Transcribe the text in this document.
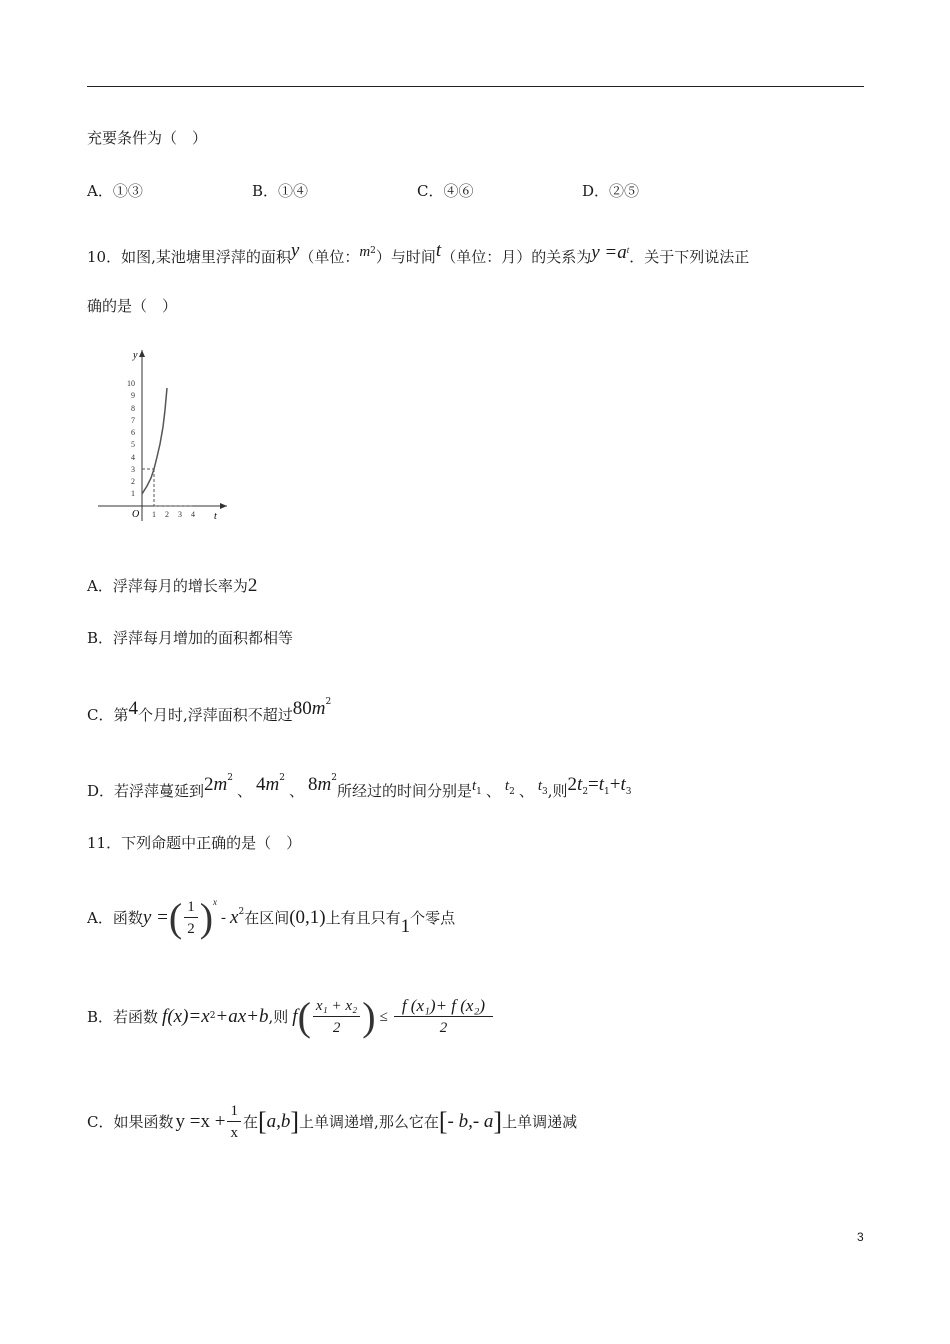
充要条件为（　）
A．①③	B．①④	C．④⑥	D．②⑤
10．如图,某池塘里浮萍的面积y（单位：$m^2$）与时间t（单位：月）的关系为$y =a^t$．关于下列说法正
确的是（　）
y
t
O
1
2
3
4
5
6
7
8
9
10
1 2 3 4
A．浮萍每月的增长率为2
B．浮萍每月增加的面积都相等
C．第4个月时,浮萍面积不超过$80m^2$
D．若浮萍蔓延到$2m^2$、 $4m^2$、 $8m^2$所经过的时间分别是$t^1$ 、 $t^2$ 、 $t^3$,则$2t^2=t^1+t^3$
11．下列命题中正确的是（　）
A． 函数 y = ( $\frac{1}{2}$ ) x
- x 2 在区间 (0,1) 上有且只有 1 个零点
B． 若函数 f (x) =x 2 +ax+b ,则 f ( $\frac{\text{x₁ + x₂}}{2}$ ) ≤ $\frac{\text{f (x₁)+ f (x₂)}}{2}$
C． 如果函数 $y =x + \frac{1}{x}$ 在 [ a,b ] 上单调递增,那么它在 [ - b,- a ] 上单调递减
3
